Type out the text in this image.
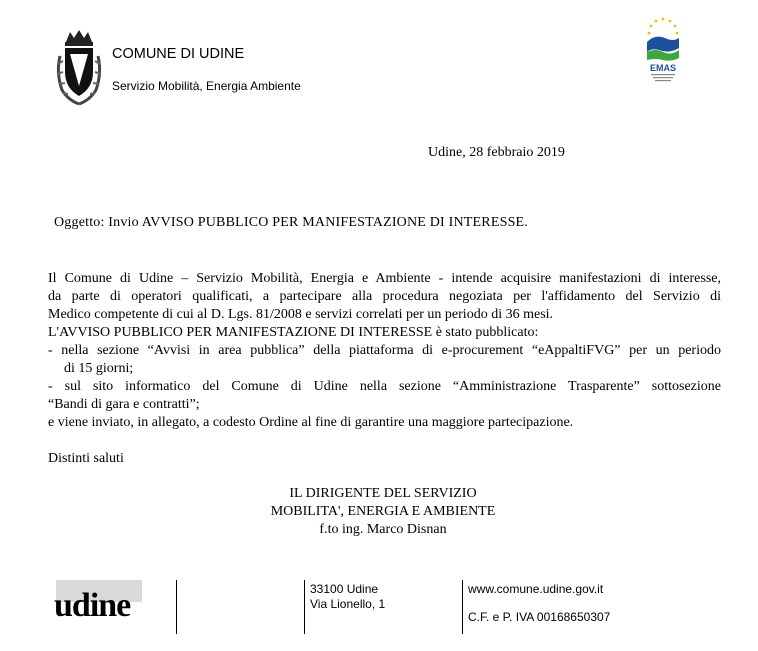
COMUNE DI UDINE
Servizio Mobilità, Energia Ambiente
EMAS
Udine, 28 febbraio 2019
Oggetto: Invio AVVISO PUBBLICO PER MANIFESTAZIONE DI INTERESSE.

Il Comune di Udine – Servizio Mobilità, Energia e Ambiente - intende acquisire manifestazioni di interesse,

da parte di operatori qualificati, a partecipare alla procedura negoziata per l'affidamento del Servizio di

Medico competente di cui al D. Lgs. 81/2008 e servizi correlati per un periodo di 36 mesi.

L'AVVISO PUBBLICO PER MANIFESTAZIONE DI INTERESSE è stato pubblicato:

- nella sezione “Avvisi in area pubblica” della piattaforma di e-procurement “eAppaltiFVG” per un periodo

di 15 giorni;

- sul sito informatico del Comune di Udine nella sezione “Amministrazione Trasparente” sottosezione

“Bandi di gara e contratti”;

e viene inviato, in allegato, a codesto Ordine al fine di garantire una maggiore partecipazione.

Distinti saluti
IL DIRIGENTE DEL SERVIZIO
MOBILITA', ENERGIA E AMBIENTE
f.to ing. Marco Disnan
udine	33100 Udine
Via Lionello, 1
www.comune.udine.gov.it
C.F. e P. IVA 00168650307
